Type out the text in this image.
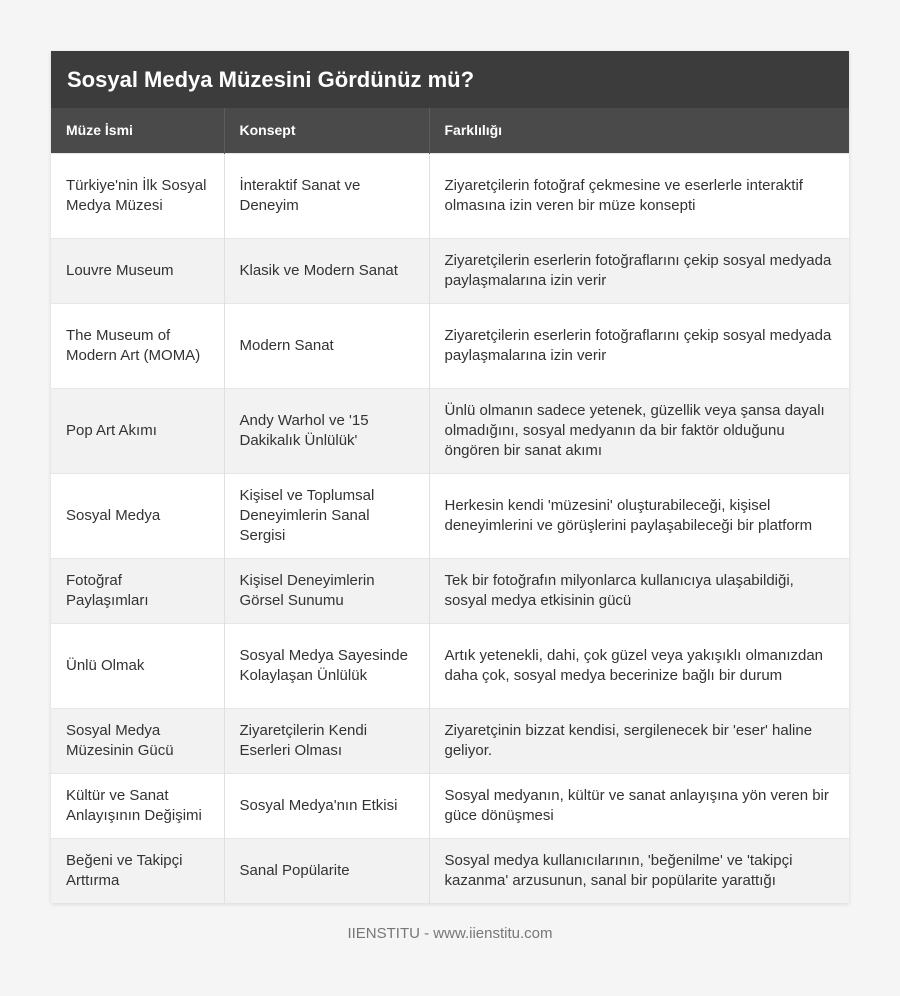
Sosyal Medya Müzesini Gördünüz mü?
Müze İsmi	Konsept	Farklılığı
Türkiye'nin İlk Sosyal Medya Müzesi	İnteraktif Sanat ve Deneyim	Ziyaretçilerin fotoğraf çekmesine ve eserlerle interaktif olmasına izin veren bir müze konsepti
Louvre Museum	Klasik ve Modern Sanat	Ziyaretçilerin eserlerin fotoğraflarını çekip sosyal medyada paylaşmalarına izin verir
The Museum of Modern Art (MOMA)	Modern Sanat	Ziyaretçilerin eserlerin fotoğraflarını çekip sosyal medyada paylaşmalarına izin verir
Pop Art Akımı	Andy Warhol ve '15 Dakikalık Ünlülük'	Ünlü olmanın sadece yetenek, güzellik veya şansa dayalı olmadığını, sosyal medyanın da bir faktör olduğunu öngören bir sanat akımı
Sosyal Medya	Kişisel ve Toplumsal Deneyimlerin Sanal Sergisi	Herkesin kendi 'müzesini' oluşturabileceği, kişisel deneyimlerini ve görüşlerini paylaşabileceği bir platform
Fotoğraf Paylaşımları	Kişisel Deneyimlerin Görsel Sunumu	Tek bir fotoğrafın milyonlarca kullanıcıya ulaşabildiği, sosyal medya etkisinin gücü
Ünlü Olmak	Sosyal Medya Sayesinde Kolaylaşan Ünlülük	Artık yetenekli, dahi, çok güzel veya yakışıklı olmanızdan daha çok, sosyal medya becerinize bağlı bir durum
Sosyal Medya Müzesinin Gücü	Ziyaretçilerin Kendi Eserleri Olması	Ziyaretçinin bizzat kendisi, sergilenecek bir 'eser' haline geliyor.
Kültür ve Sanat Anlayışının Değişimi	Sosyal Medya'nın Etkisi	Sosyal medyanın, kültür ve sanat anlayışına yön veren bir güce dönüşmesi
Beğeni ve Takipçi Arttırma	Sanal Popülarite	Sosyal medya kullanıcılarının, 'beğenilme' ve 'takipçi kazanma' arzusunun, sanal bir popülarite yarattığı
IIENSTITU - www.iienstitu.com
